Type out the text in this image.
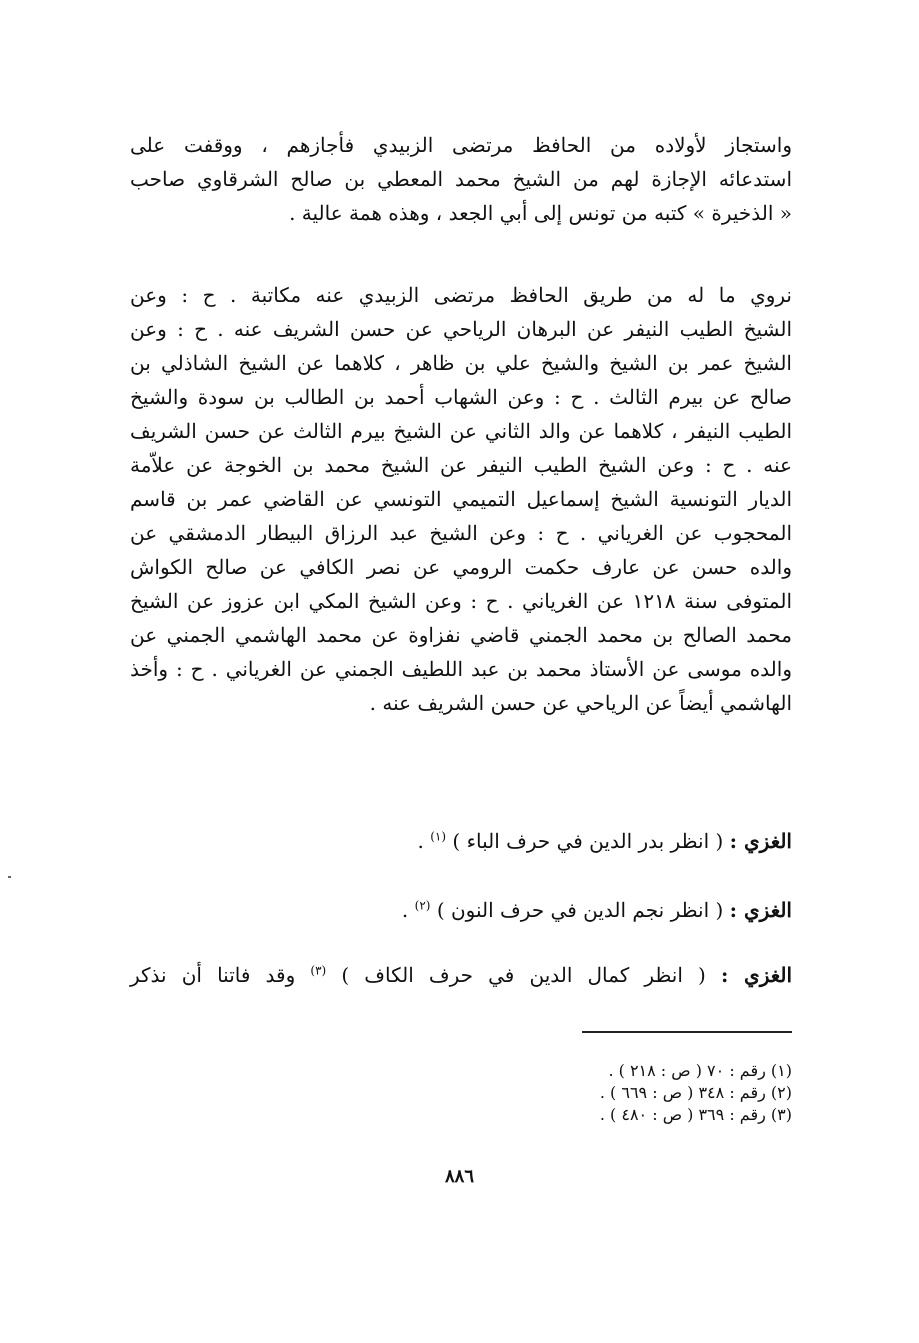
واستجاز لأولاده من الحافظ مرتضى الزبيدي فأجازهم ، ووقفت على
استدعائه الإجازة لهم من الشيخ محمد المعطي بن صالح الشرقاوي صاحب
« الذخيرة » كتبه من تونس إلى أبي الجعد ، وهذه همة عالية .
نروي ما له من طريق الحافظ مرتضى الزبيدي عنه مكاتبة . ح : وعن
الشيخ الطيب النيفر عن البرهان الرياحي عن حسن الشريف عنه . ح : وعن
الشيخ عمر بن الشيخ والشيخ علي بن ظاهر ، كلاهما عن الشيخ الشاذلي بن
صالح عن بيرم الثالث . ح : وعن الشهاب أحمد بن الطالب بن سودة والشيخ
الطيب النيفر ، كلاهما عن والد الثاني عن الشيخ بيرم الثالث عن حسن الشريف
عنه . ح : وعن الشيخ الطيب النيفر عن الشيخ محمد بن الخوجة عن علاّمة
الديار التونسية الشيخ إسماعيل التميمي التونسي عن القاضي عمر بن قاسم
المحجوب عن الغرياني . ح : وعن الشيخ عبد الرزاق البيطار الدمشقي عن
والده حسن عن عارف حكمت الرومي عن نصر الكافي عن صالح الكواش
المتوفى سنة ١٢١٨ عن الغرياني . ح : وعن الشيخ المكي ابن عزوز عن الشيخ
محمد الصالح بن محمد الجمني قاضي نفزاوة عن محمد الهاشمي الجمني عن
والده موسى عن الأستاذ محمد بن عبد اللطيف الجمني عن الغرياني . ح : وأخذ
الهاشمي أيضاً عن الرياحي عن حسن الشريف عنه .
الغزي : ( انظر بدر الدين في حرف الباء ) $^{(١)}$ .
الغزي : ( انظر نجم الدين في حرف النون ) $^{(٢)}$ .
الغزي : ( انظر كمال الدين في حرف الكاف ) $^{(٣)}$ وقد فاتنا أن نذكر
(١) رقم : ٧٠ ( ص : ٢١٨ ) .
(٢) رقم : ٣٤٨ ( ص : ٦٦٩ ) .
(٣) رقم : ٣٦٩ ( ص : ٤٨٠ ) .
٨٨٦
